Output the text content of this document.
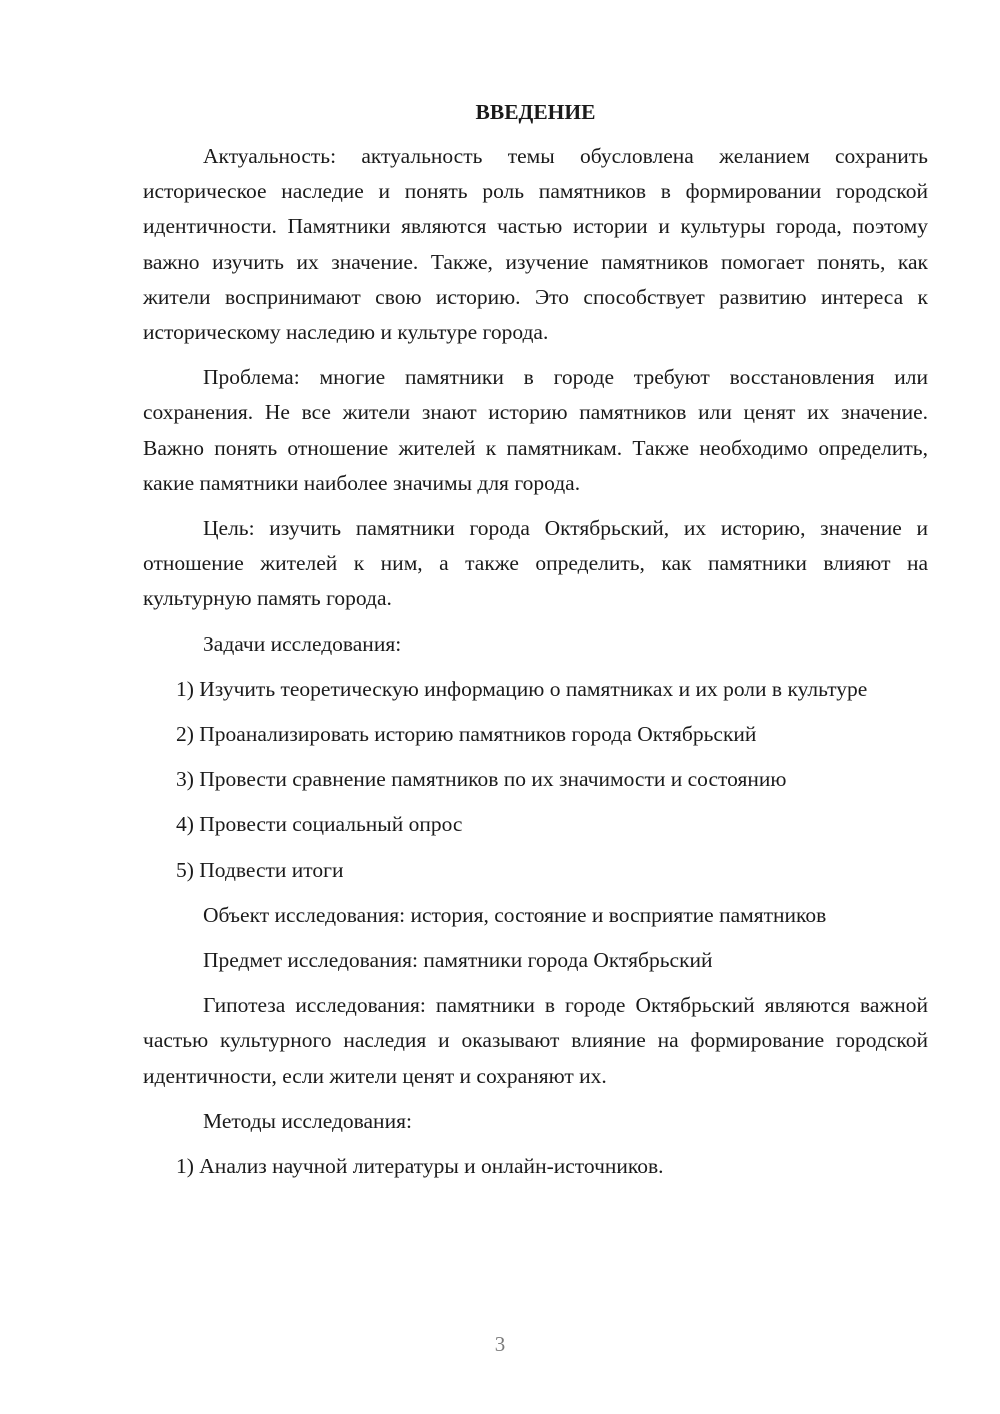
ВВЕДЕНИЕ

Актуальность: актуальность темы обусловлена желанием сохранить историческое наследие и понять роль памятников в формировании городской идентичности. Памятники являются частью истории и культуры города, поэтому важно изучить их значение. Также, изучение памятников помогает понять, как жители воспринимают свою историю. Это способствует развитию интереса к историческому наследию и культуре города.

Проблема: многие памятники в городе требуют восстановления или сохранения. Не все жители знают историю памятников или ценят их значение. Важно понять отношение жителей к памятникам. Также необходимо определить, какие памятники наиболее значимы для города.

Цель: изучить памятники города Октябрьский, их историю, значение и отношение жителей к ним, а также определить, как памятники влияют на культурную память города.

Задачи исследования:

1) Изучить теоретическую информацию о памятниках и их роли в культуре

2) Проанализировать историю памятников города Октябрьский

3) Провести сравнение памятников по их значимости и состоянию

4) Провести социальный опрос

5) Подвести итоги

Объект исследования: история, состояние и восприятие памятников

Предмет исследования: памятники города Октябрьский

Гипотеза исследования: памятники в городе Октябрьский являются важной частью культурного наследия и оказывают влияние на формирование городской идентичности, если жители ценят и сохраняют их.

Методы исследования:

1) Анализ научной литературы и онлайн-источников.

3
